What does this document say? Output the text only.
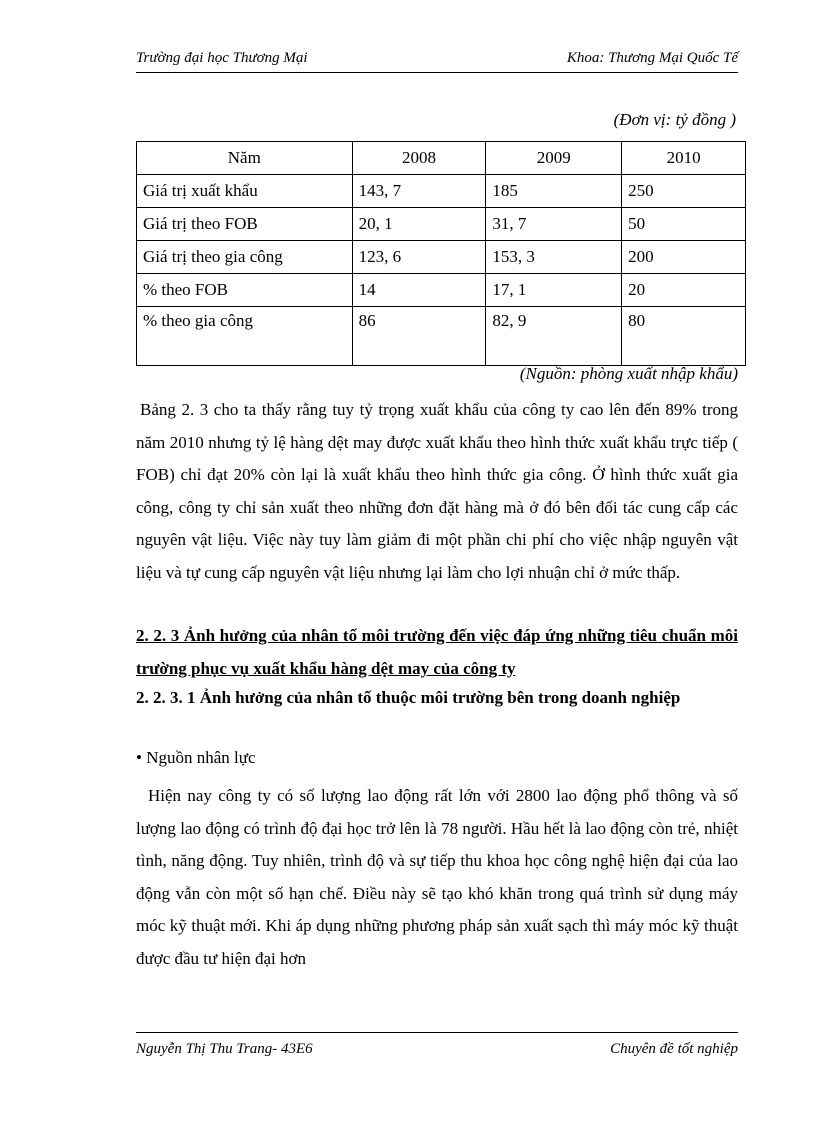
Trường đại học Thương Mại	Khoa: Thương Mại Quốc Tế
(Đơn vị: tỷ đồng )
Năm	2008	2009	2010
Giá trị xuất khẩu	143, 7	185	250
Giá trị theo FOB	20, 1	31, 7	50
Giá trị theo gia công	123, 6	153, 3	200
% theo FOB	14	17, 1	20
% theo gia công	86	82, 9	80
(Nguồn: phòng xuất nhập khẩu)
Bảng 2. 3 cho ta thấy rằng tuy tỷ trọng xuất khẩu của công ty cao lên đến 89% trong năm 2010 nhưng tỷ lệ hàng dệt may được xuất khẩu theo hình thức xuất khẩu trực tiếp ( FOB) chỉ đạt 20% còn lại là xuất khẩu theo hình thức gia công. Ở hình thức xuất gia công, công ty chỉ sản xuất theo những đơn đặt hàng mà ở đó bên đối tác cung cấp các nguyên vật liệu. Việc này tuy làm giảm đi một phần chi phí cho việc nhập nguyên vật liệu và tự cung cấp nguyên vật liệu nhưng lại làm cho lợi nhuận chỉ ở mức thấp.
2. 2. 3 Ảnh hưởng của nhân tố môi trường đến việc đáp ứng những tiêu chuẩn môi trường phục vụ xuất khẩu hàng dệt may của công ty
2. 2. 3. 1 Ảnh hưởng của nhân tố thuộc môi trường bên trong doanh nghiệp
• Nguồn nhân lực
Hiện nay công ty có số lượng lao động rất lớn với 2800 lao động phổ thông và số lượng lao động có trình độ đại học trở lên là 78 người. Hầu hết là lao động còn trẻ, nhiệt tình, năng động. Tuy nhiên, trình độ và sự tiếp thu khoa học công nghệ hiện đại của lao động vẫn còn một số hạn chế. Điều này sẽ tạo khó khăn trong quá trình sử dụng máy móc kỹ thuật mới. Khi áp dụng những phương pháp sản xuất sạch thì máy móc kỹ thuật được đầu tư hiện đại hơn
Nguyễn Thị Thu Trang- 43E6	Chuyên đề tốt nghiệp
